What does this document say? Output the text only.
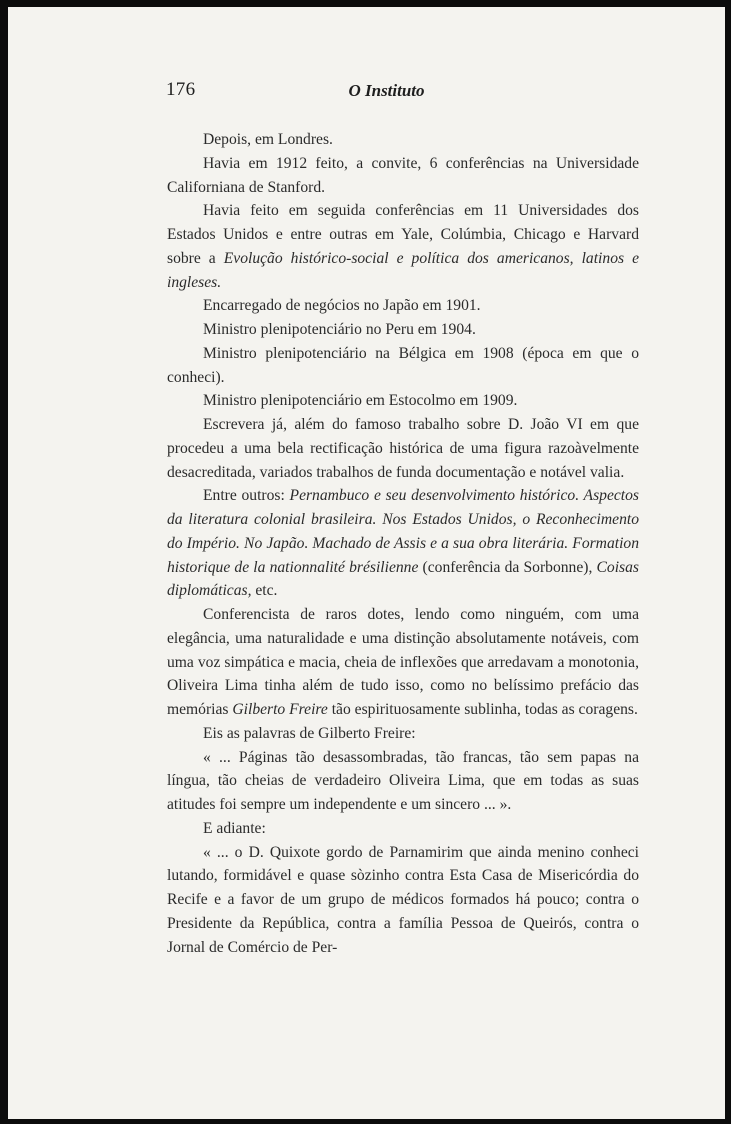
176	O Instituto

Depois, em Londres.

Havia em 1912 feito, a convite, 6 conferências na Universidade Californiana de Stanford.

Havia feito em seguida conferências em 11 Universidades dos Estados Unidos e entre outras em Yale, Colúmbia, Chicago e Harvard sobre a Evolução histórico-social e política dos americanos, latinos e ingleses.

Encarregado de negócios no Japão em 1901.

Ministro plenipotenciário no Peru em 1904.

Ministro plenipotenciário na Bélgica em 1908 (época em que o conheci).

Ministro plenipotenciário em Estocolmo em 1909.

Escrevera já, além do famoso trabalho sobre D. João VI em que procedeu a uma bela rectificação histórica de uma figura razoàvelmente desacreditada, variados trabalhos de funda documentação e notável valia.

Entre outros: Pernambuco e seu desenvolvimento histórico. Aspectos da literatura colonial brasileira. Nos Estados Unidos, o Reconhecimento do Império. No Japão. Machado de Assis e a sua obra literária. Formation historique de la nationnalité brésilienne (conferência da Sorbonne), Coisas diplomáticas, etc.

Conferencista de raros dotes, lendo como ninguém, com uma elegância, uma naturalidade e uma distinção absolutamente notáveis, com uma voz simpática e macia, cheia de inflexões que arredavam a monotonia, Oliveira Lima tinha além de tudo isso, como no belíssimo prefácio das memórias Gilberto Freire tão espirituosamente sublinha, todas as coragens.

Eis as palavras de Gilberto Freire:

« ... Páginas tão desassombradas, tão francas, tão sem papas na língua, tão cheias de verdadeiro Oliveira Lima, que em todas as suas atitudes foi sempre um independente e um sincero ... ».

E adiante:

« ... o D. Quixote gordo de Parnamirim que ainda menino conheci lutando, formidável e quase sòzinho contra Esta Casa de Misericórdia do Recife e a favor de um grupo de médicos formados há pouco; contra o Presidente da República, contra a família Pessoa de Queirós, contra o Jornal de Comércio de Per-
